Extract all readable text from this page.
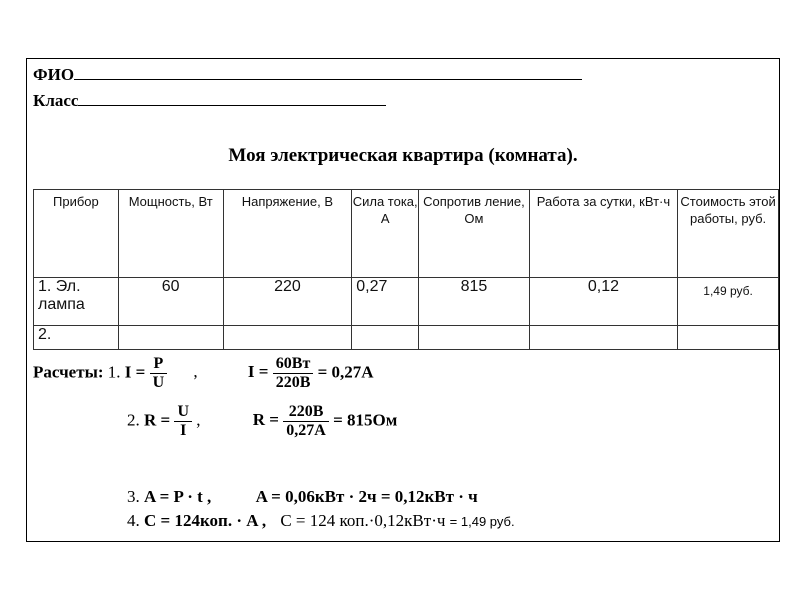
ФИО
Класс
Моя электрическая квартира (комната).
Прибор	Мощность, Вт	Напряжение, В	Сила тока, А	Сопротив ление, Ом	Работа за сутки, кВт·ч	Стоимость этой работы, руб.
1. Эл. лампа	60	220	0,27	815	0,12	1,49 руб.
2.						
Расчеты: 1. $I = \frac{P}{U}$ ,	$I = \frac{60Вт}{220В} = 0,27А$
2. $R = \frac{U}{I}$ ,	$R = \frac{220В}{0,27А} = 815Ом$
3. A = P · t ,	A = 0,06кВт · 2ч = 0,12кВт · ч
4. C = 124коп. · A , C = 124 коп.·0,12кВт·ч = 1,49 руб.
